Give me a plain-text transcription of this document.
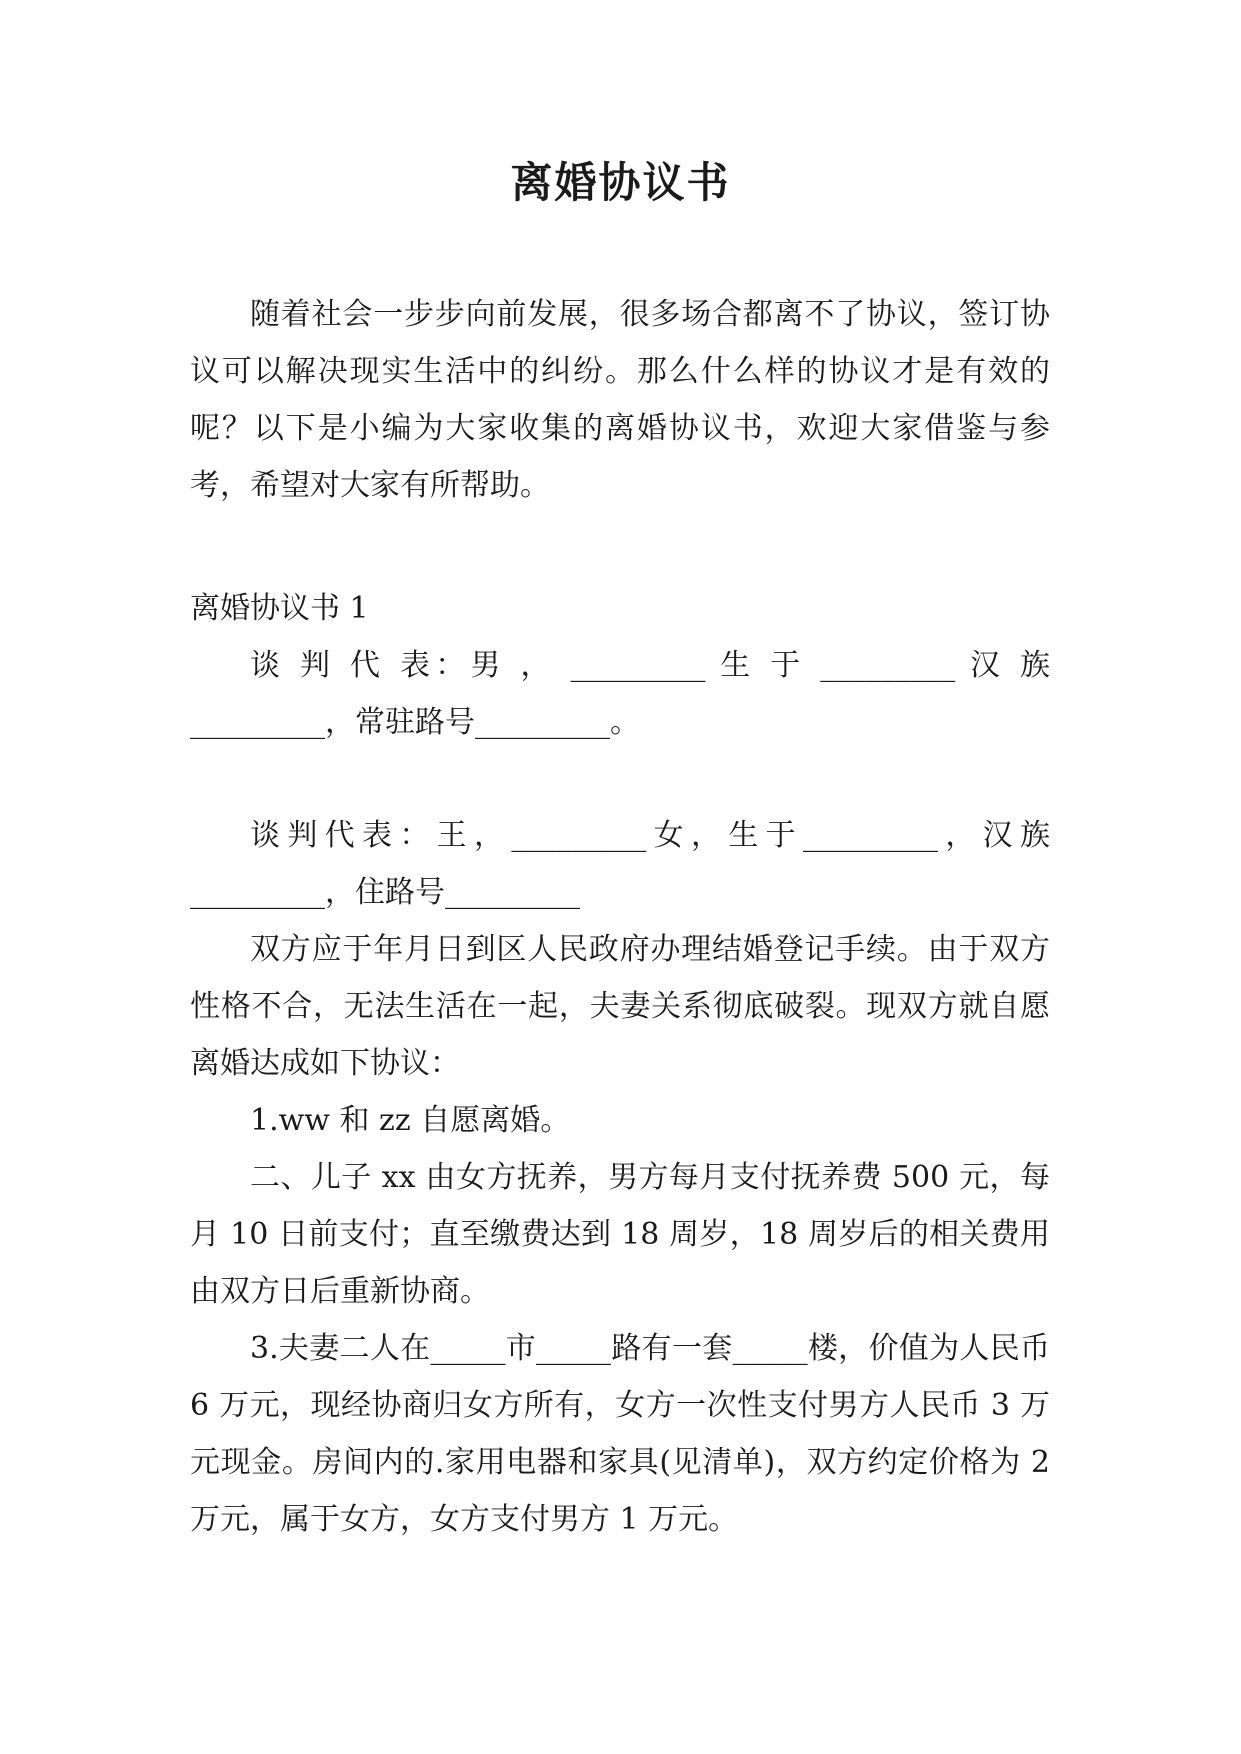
离婚协议书

随着社会一步步向前发展，很多场合都离不了协议，签订协议可以解决现实生活中的纠纷。那么什么样的协议才是有效的呢？以下是小编为大家收集的离婚协议书，欢迎大家借鉴与参考，希望对大家有所帮助。

离婚协议书 1

谈 判 代 表：男 ， _________ 生 于 _________ 汉 族

_________，常驻路号_________。

谈判代表：王，_________女，生于_________，汉族

_________，住路号_________

双方应于年月日到区人民政府办理结婚登记手续。由于双方性格不合，无法生活在一起，夫妻关系彻底破裂。现双方就自愿离婚达成如下协议：

1.ww 和 zz 自愿离婚。

二、儿子 xx 由女方抚养，男方每月支付抚养费 500 元，每月 10 日前支付；直至缴费达到 18 周岁，18 周岁后的相关费用由双方日后重新协商。

3.夫妻二人在_____市_____路有一套_____楼，价值为人民币 6 万元，现经协商归女方所有，女方一次性支付男方人民币 3 万元现金。房间内的.家用电器和家具(见清单)，双方约定价格为 2 万元，属于女方，女方支付男方 1 万元。
